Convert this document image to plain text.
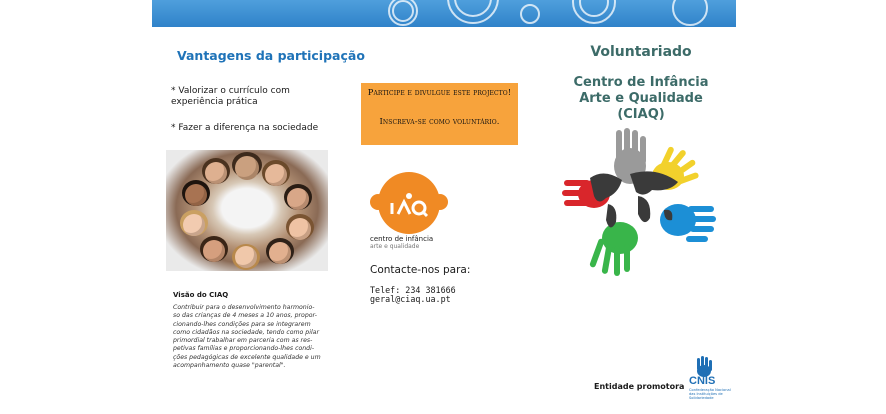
Vantagens da participação
* Valorizar o currículo com experiência prática
* Fazer a diferença na sociedade
Visão do CIAQ
Contribuir para o desenvolvimento harmonio-
so das crianças de 4 meses a 10 anos, propor-
cionando-lhes condições para se integrarem
como cidadãos na sociedade, tendo como pilar
primordial trabalhar em parceria com as res-
petivas famílias e proporcionando-lhes condi-
ções pedagógicas de excelente qualidade e um
acompanhamento quase "parental".
Participe e divulgue este projecto!
Inscreva-se como voluntário.
centro de infância
arte e qualidade
Contacte-nos para:
Telef: 234 381666
geral@ciaq.ua.pt
Voluntariado
Centro de Infância Arte e Qualidade (CIAQ)
Entidade promotora CNIS
Confederação Nacional das Instituições de Solidariedade
